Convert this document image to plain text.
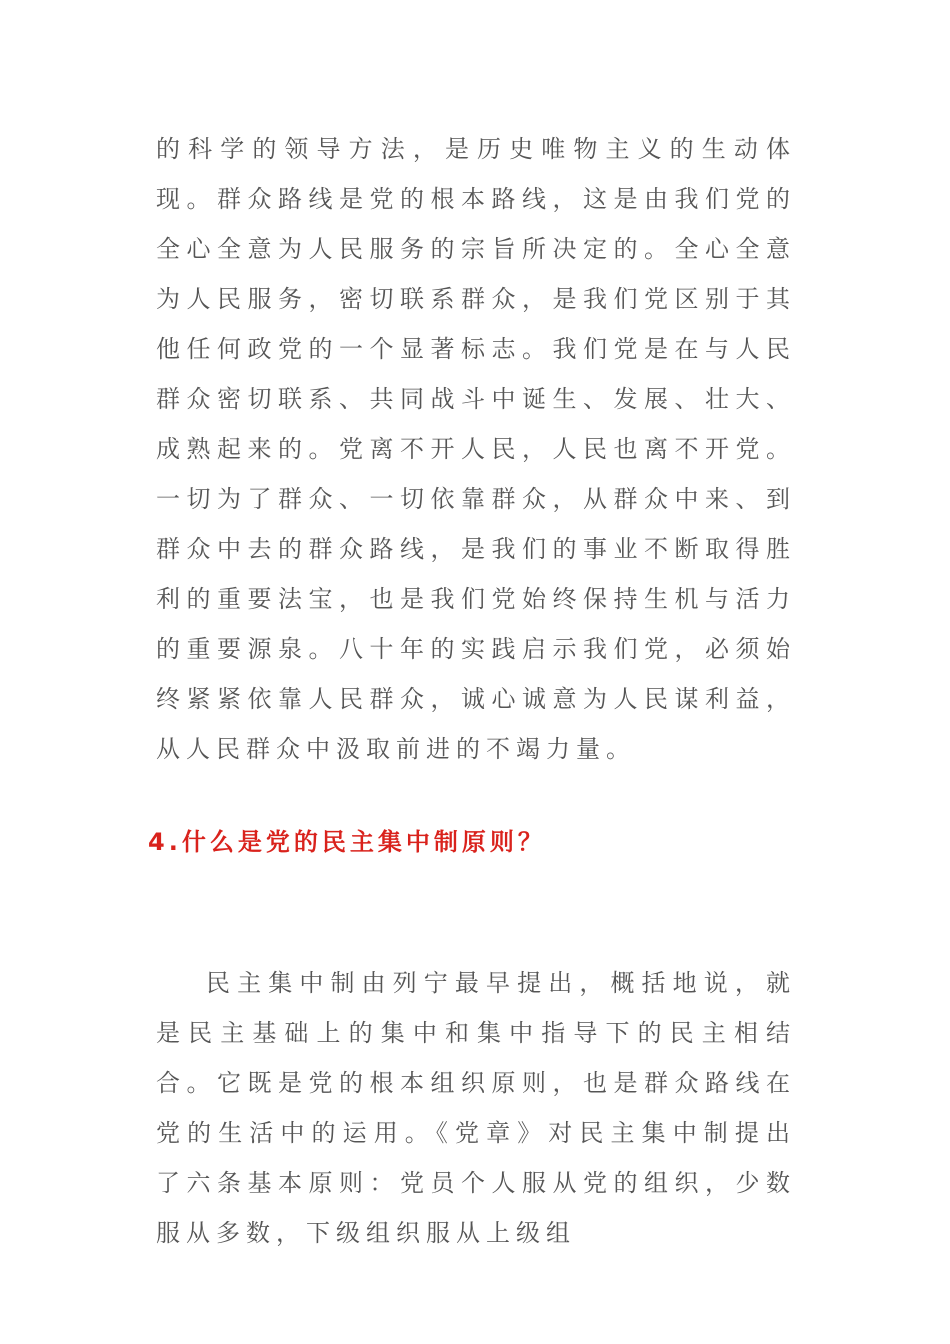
的科学的领导方法，是历史唯物主义的生动体现。群众路线是党的根本路线，这是由我们党的全心全意为人民服务的宗旨所决定的。全心全意为人民服务，密切联系群众，是我们党区别于其他任何政党的一个显著标志。我们党是在与人民群众密切联系、共同战斗中诞生、发展、壮大、成熟起来的。党离不开人民，人民也离不开党。一切为了群众、一切依靠群众，从群众中来、到群众中去的群众路线，是我们的事业不断取得胜利的重要法宝，也是我们党始终保持生机与活力的重要源泉。八十年的实践启示我们党，必须始终紧紧依靠人民群众，诚心诚意为人民谋利益，从人民群众中汲取前进的不竭力量。

4.什么是党的民主集中制原则？

民主集中制由列宁最早提出，概括地说，就是民主基础上的集中和集中指导下的民主相结合。它既是党的根本组织原则，也是群众路线在党的生活中的运用。《党章》对民主集中制提出了六条基本原则：党员个人服从党的组织，少数服从多数，下级组织服从上级组
